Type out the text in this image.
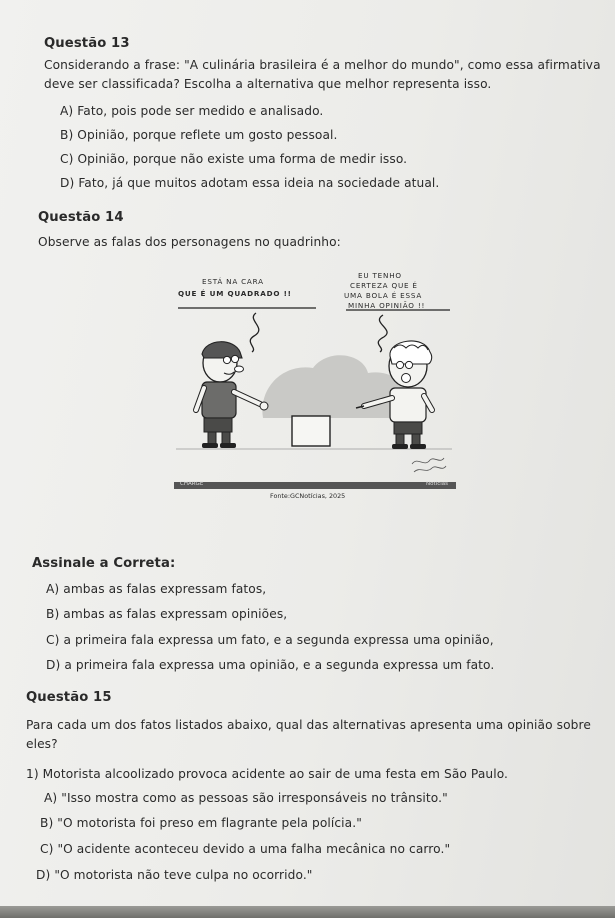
Questão 13
Considerando a frase: "A culinária brasileira é a melhor do mundo", como essa afirmativa
deve ser classificada? Escolha a alternativa que melhor representa isso.
A) Fato, pois pode ser medido e analisado.
B) Opinião, porque reflete um gosto pessoal.
C) Opinião, porque não existe uma forma de medir isso.
D) Fato, já que muitos adotam essa ideia na sociedade atual.
Questão 14
Observe as falas dos personagens no quadrinho:
ESTÁ NA CARA
QUE É UM QUADRADO !!
EU TENHO
CERTEZA QUE É
UMA BOLA É ESSA
MINHA OPINIÃO !!
CHARGE	Notícias
Fonte:GCNotícias, 2025
Assinale a Correta:
A) ambas as falas expressam fatos,
B) ambas as falas expressam opiniões,
C) a primeira fala expressa um fato, e a segunda expressa uma opinião,
D) a primeira fala expressa uma opinião, e a segunda expressa um fato.
Questão 15
Para cada um dos fatos listados abaixo, qual das alternativas apresenta uma opinião sobre
eles?
1) Motorista alcoolizado provoca acidente ao sair de uma festa em São Paulo.
A) "Isso mostra como as pessoas são irresponsáveis no trânsito."
B) "O motorista foi preso em flagrante pela polícia."
C) "O acidente aconteceu devido a uma falha mecânica no carro."
D) "O motorista não teve culpa no ocorrido."
